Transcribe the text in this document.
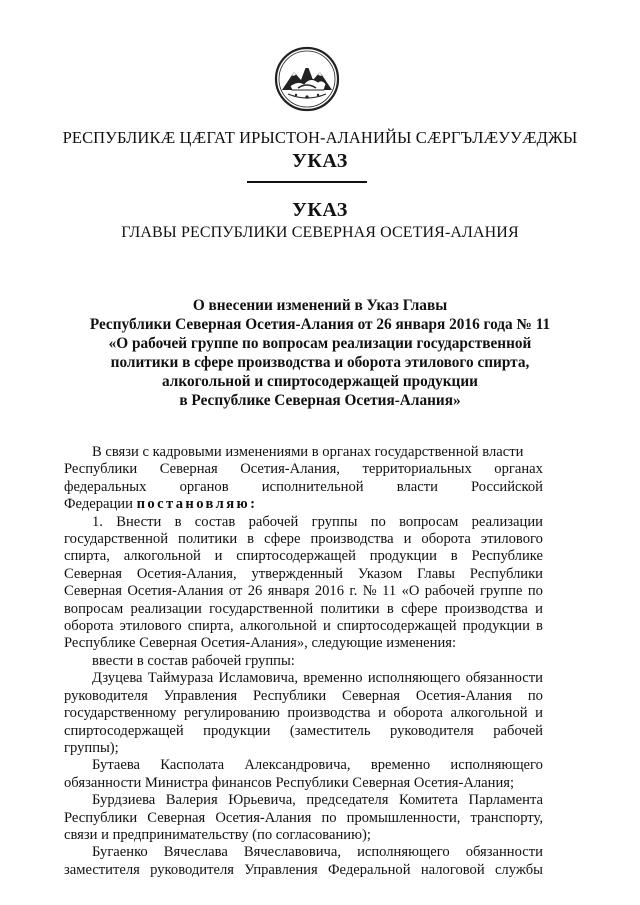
РЕСПУБЛИКӔ ЦӔГАТ ИРЫСТОН-АЛАНИЙЫ СӔРГЪЛӔУУӔДЖЫ
УКАЗ
УКАЗ
ГЛАВЫ РЕСПУБЛИКИ СЕВЕРНАЯ ОСЕТИЯ-АЛАНИЯ
О внесении изменений в Указ Главы
Республики Северная Осетия-Алания от 26 января 2016 года № 11
«О рабочей группе по вопросам реализации государственной
политики в сфере производства и оборота этилового спирта,
алкогольной и спиртосодержащей продукции
в Республике Северная Осетия-Алания»
В связи с кадровыми изменениями в органах государственной власти
Республики Северная Осетия-Алания, территориальных органах
федеральных органов исполнительной власти Российской
Федерации
постановляю:
1. Внести в состав рабочей группы по вопросам реализации
государственной политики в сфере производства и оборота этилового
спирта, алкогольной и спиртосодержащей продукции в Республике
Северная Осетия-Алания, утвержденный Указом Главы Республики
Северная Осетия-Алания от 26 января 2016 г. № 11 «О рабочей группе по
вопросам реализации государственной политики в сфере производства и
оборота этилового спирта, алкогольной и спиртосодержащей продукции в
Республике Северная Осетия-Алания», следующие изменения:
ввести в состав рабочей группы:
Дзуцева Таймураза Исламовича, временно исполняющего обязанности
руководителя Управления Республики Северная Осетия-Алания по
государственному регулированию производства и оборота алкогольной и
спиртосодержащей продукции (заместитель руководителя рабочей
группы);
Бутаева Касполата Александровича, временно исполняющего
обязанности Министра финансов Республики Северная Осетия-Алания;
Бурдзиева Валерия Юрьевича, председателя Комитета Парламента
Республики Северная Осетия-Алания по промышленности, транспорту,
связи и предпринимательству (по согласованию);
Бугаенко Вячеслава Вячеславовича, исполняющего обязанности
заместителя руководителя Управления Федеральной налоговой службы
